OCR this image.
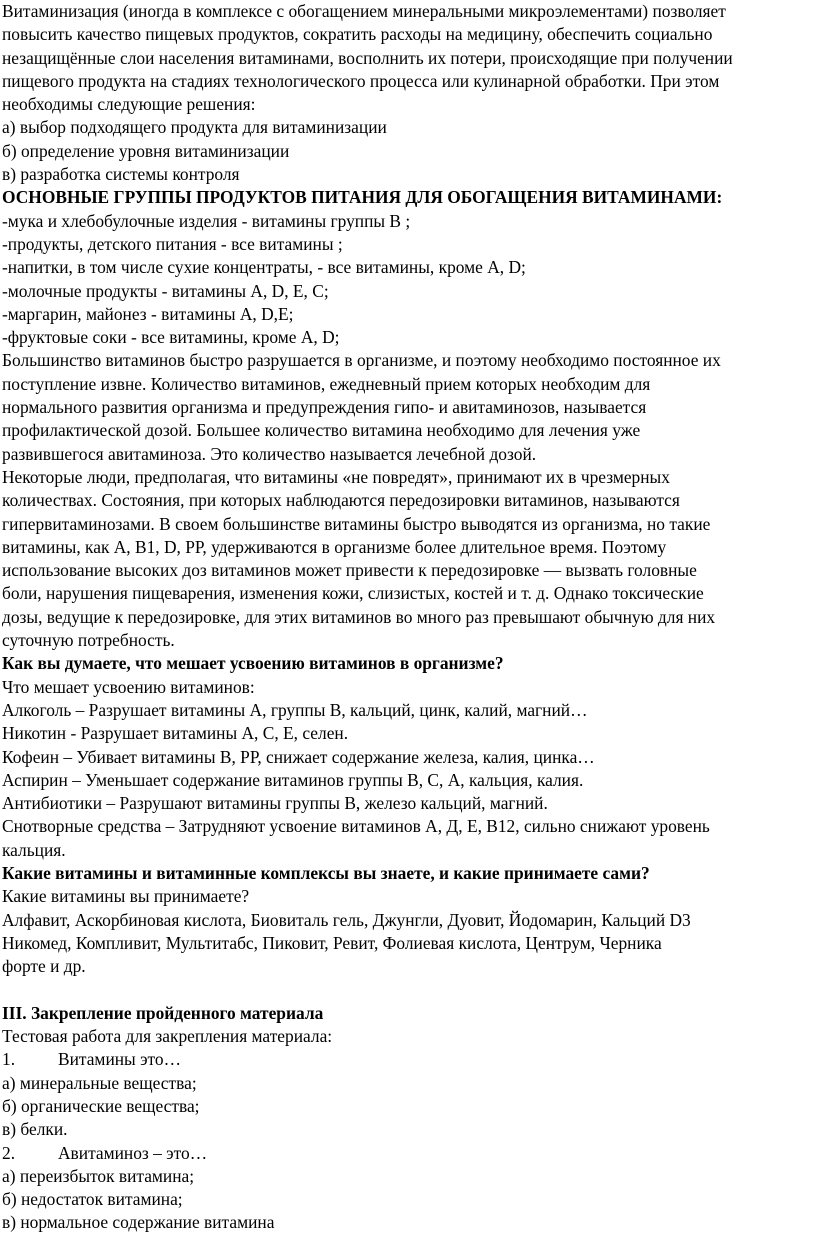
Витаминизация (иногда в комплексе с обогащением минеральными микроэлементами) позволяет
повысить качество пищевых продуктов, сократить расходы на медицину, обеспечить социально
незащищённые слои населения витаминами, восполнить их потери, происходящие при получении
пищевого продукта на стадиях технологического процесса или кулинарной обработки. При этом
необходимы следующие решения:
а) выбор подходящего продукта для витаминизации
б) определение уровня витаминизации
в) разработка системы контроля
ОСНОВНЫЕ ГРУППЫ ПРОДУКТОВ ПИТАНИЯ ДЛЯ ОБОГАЩЕНИЯ ВИТАМИНАМИ:
-мука и хлебобулочные изделия - витамины группы В ;
-продукты, детского питания - все витамины ;
-напитки, в том числе сухие концентраты, - все витамины, кроме А, D;
-молочные продукты - витамины А, D, Е, С;
-маргарин, майонез - витамины А, D,E;
-фруктовые соки - все витамины, кроме А, D;
Большинство витаминов быстро разрушается в организме, и поэтому необходимо постоянное их
поступление извне. Количество витаминов, ежедневный прием которых необходим для
нормального развития организма и предупреждения гипо- и авитаминозов, называется
профилактической дозой. Большее количество витамина необходимо для лечения уже
развившегося авитаминоза. Это количество называется лечебной дозой.
Некоторые люди, предполагая, что витамины «не повредят», принимают их в чрезмерных
количествах. Состояния, при которых наблюдаются передозировки витаминов, называются
гипервитаминозами. В своем большинстве витамины быстро выводятся из организма, но такие
витамины, как А, В1, D, РР, удерживаются в организме более длительное время. Поэтому
использование высоких доз витаминов может привести к передозировке — вызвать головные
боли, нарушения пищеварения, изменения кожи, слизистых, костей и т. д. Однако токсические
дозы, ведущие к передозировке, для этих витаминов во много раз превышают обычную для них
суточную потребность.
Как вы думаете, что мешает усвоению витаминов в организме?
Что мешает усвоению витаминов:
Алкоголь – Разрушает витамины А, группы В, кальций, цинк, калий, магний…
Никотин - Разрушает витамины А, С, Е, селен.
Кофеин – Убивает витамины В, РР, снижает содержание железа, калия, цинка…
Аспирин – Уменьшает содержание витаминов группы В, С, А, кальция, калия.
Антибиотики – Разрушают витамины группы В, железо кальций, магний.
Снотворные средства – Затрудняют усвоение витаминов А, Д, Е, В12, сильно снижают уровень
кальция.
Какие витамины и витаминные комплексы вы знаете, и какие принимаете сами?
Какие витамины вы принимаете?
Алфавит, Аскорбиновая кислота, Биовиталь гель, Джунгли, Дуовит, Йодомарин, Кальций D3
Никомед, Компливит, Мультитабс, Пиковит, Ревит, Фолиевая кислота, Центрум, Черника
форте и др.
III. Закрепление пройденного материала
Тестовая работа для закрепления материала:
1. Витамины это…
а) минеральные вещества;
б) органические вещества;
в) белки.
2. Авитаминоз – это…
а) переизбыток витамина;
б) недостаток витамина;
в) нормальное содержание витамина
